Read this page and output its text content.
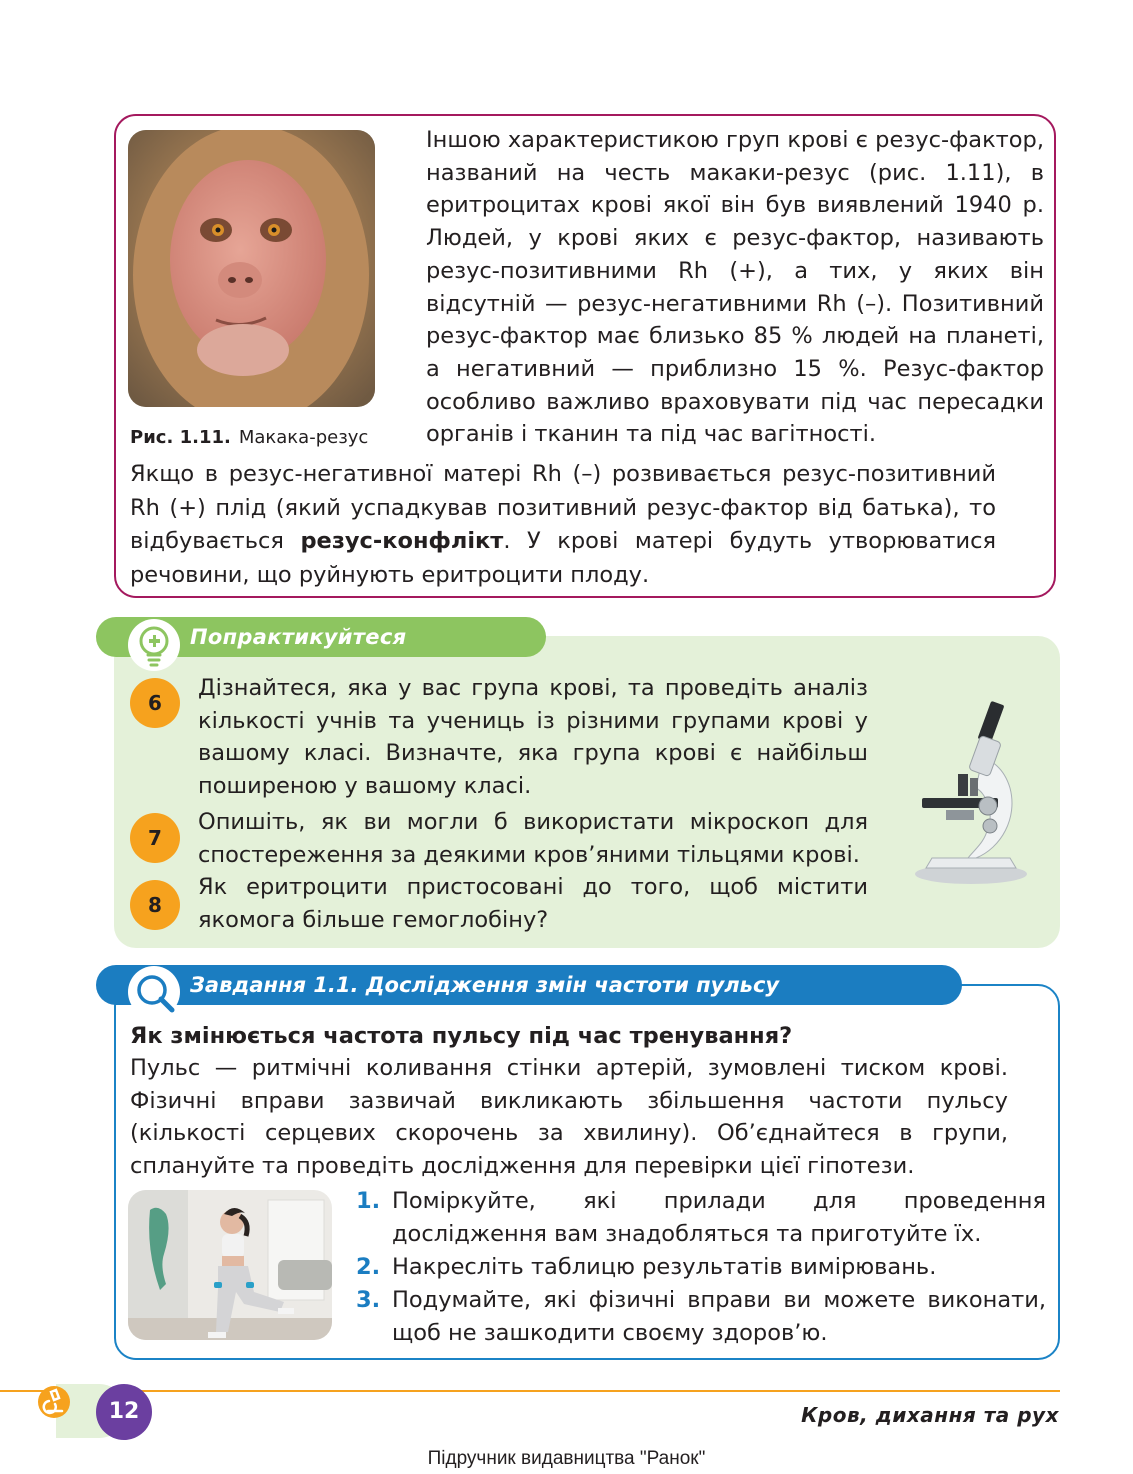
Рис. 1.11. Макака-резус
Іншою характеристикою груп крові є резус-фактор, названий на честь макаки-резус (рис. 1.11), в еритроцитах крові якої він був виявлений 1940 р. Людей, у крові яких є резус-фактор, називають резус-позитивними Rh (+), а тих, у яких він відсутній — резус-негативними Rh (–). Позитивний резус-фактор має близько 85 % людей на планеті, а негативний — приблизно 15 %. Резус-фактор особливо важливо враховувати під час пересадки органів і тканин та під час вагітності.
Якщо в резус-негативної матері Rh (–) розвивається резус-позитивний Rh (+) плід (який успадкував позитивний резус-фактор від батька), то відбувається резус-конфлікт. У крові матері будуть утворюватися речовини, що руйнують еритроцити плоду.
Попрактикуйтеся
6
Дізнайтеся, яка у вас група крові, та проведіть аналіз кількості учнів та учениць із різними групами крові у вашому класі. Визначте, яка група крові є найбільш поширеною у вашому класі.
7
Опишіть, як ви могли б використати мікроскоп для спостереження за деякими кров’яними тільцями крові.
8
Як еритроцити пристосовані до того, щоб містити якомога більше гемоглобіну?
Завдання 1.1. Дослідження змін частоти пульсу
Як змінюється частота пульсу під час тренування?
Пульс — ритмічні коливання стінки артерій, зумовлені тиском крові. Фізичні вправи зазвичай викликають збільшення частоти пульсу (кількості серцевих скорочень за хвилину). Об’єднайтеся в групи, сплануйте та проведіть дослідження для перевірки цієї гіпотези.
1. Поміркуйте, які прилади для проведення дослідження вам знадобляться та приготуйте їх.
2. Накресліть таблицю результатів вимірювань.
3. Подумайте, які фізичні вправи ви можете виконати, щоб не зашкодити своєму здоров’ю.
12	Кров, дихання та рух
Підручник видавництва "Ранок"
